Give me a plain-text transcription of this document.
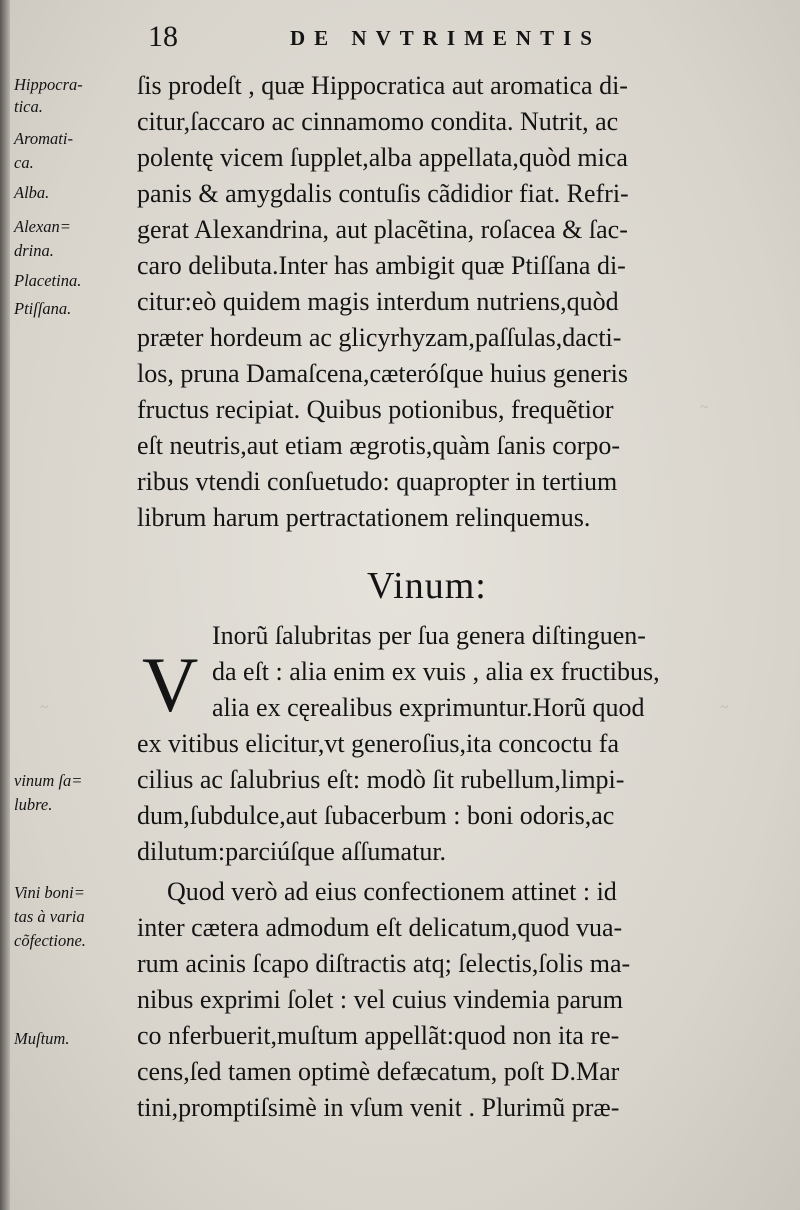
~
~
~
18	DE NVTRIMENTIS
Hippocra-
tica.
Aromati-
ca.
Alba.
Alexan=
drina.
Placetina.
Ptiſſana.
vinum ſa=
lubre.
Vini boni=
tas à varia
cõfectione.
Muſtum.
ſis prodeſt , quæ Hippocratica aut aromatica di-
citur,ſaccaro ac cinnamomo condita. Nutrit, ac
polentę vicem ſupplet,alba appellata,quòd mica
panis & amygdalis contuſis cãdidior fiat. Refri-
gerat Alexandrina, aut placẽtina, roſacea & ſac-
caro delibuta.Inter has ambigit quæ Ptiſſana di-
citur:eò quidem magis interdum nutriens,quòd
præter hordeum ac glicyrhyzam,paſſulas,dacti-
los, pruna Damaſcena,cæteróſque huius generis
fructus recipiat. Quibus potionibus, frequẽtior
eſt neutris,aut etiam ægrotis,quàm ſanis corpo-
ribus vtendi conſuetudo: quapropter in tertium
librum harum pertractationem relinquemus.
Vinum:
V
Inorũ ſalubritas per ſua genera diſtinguen-
da eſt : alia enim ex vuis , alia ex fructibus,
alia ex cęrealibus exprimuntur.Horũ quod
ex vitibus elicitur,vt generoſius,ita concoctu fa
cilius ac ſalubrius eſt: modò ſit rubellum,limpi-
dum,ſubdulce,aut ſubacerbum : boni odoris,ac
dilutum:parciúſque aſſumatur.
Quod verò ad eius confectionem attinet : id
inter cætera admodum eſt delicatum,quod vua-
rum acinis ſcapo diſtractis atq; ſelectis,ſolis ma-
nibus exprimi ſolet : vel cuius vindemia parum
co nferbuerit,muſtum appellãt:quod non ita re-
cens,ſed tamen optimè defæcatum, poſt D.Mar
tini,promptiſsimè in vſum venit . Plurimũ præ-
